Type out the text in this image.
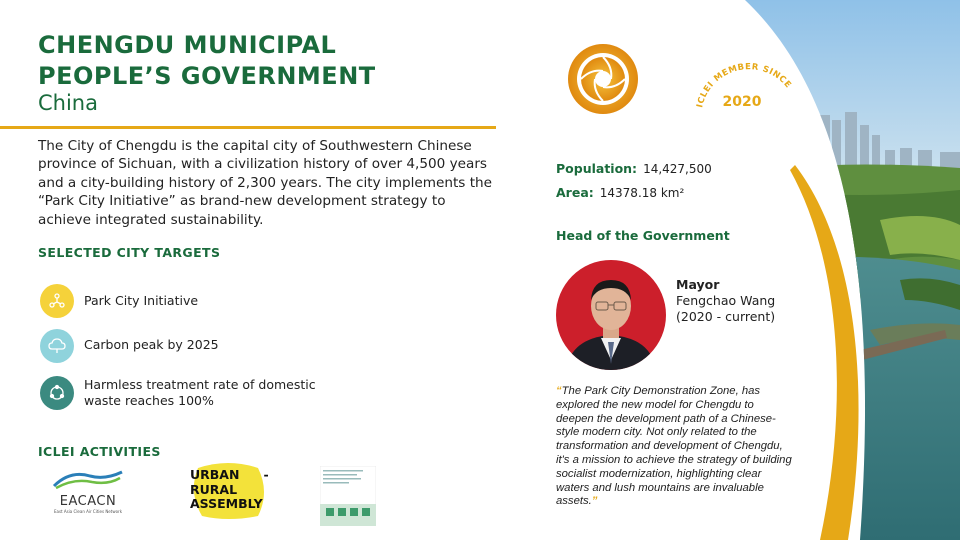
CHENGDU MUNICIPAL
PEOPLE’S GOVERNMENT
China

The City of Chengdu is the capital city of Southwestern Chinese province of Sichuan, with a civilization history of over 4,500 years and a city-building history of 2,300 years. The city implements the “Park City Initiative” as brand-new development strategy to achieve integrated sustainability.

SELECTED CITY TARGETS
Park City Initiative
Carbon peak by 2025
Harmless treatment rate of domestic waste reaches 100%
ICLEI ACTIVITIES
EACACN
East Asia Clean Air Cities Network
URBAN -
RURAL
ASSEMBLY
ICLEI MEMBER SINCE
2020
Population: 14,427,500
Area: 14378.18 km²
Head of the Government
Mayor
Fengchao Wang
(2020 - current)

“The Park City Demonstration Zone, has explored the new model for Chengdu to deepen the development path of a Chinese-style modern city. Not only related to the transformation and development of Chengdu, it's a mission to achieve the strategy of building socialist modernization, highlighting clear waters and lush mountains are invaluable assets.”
